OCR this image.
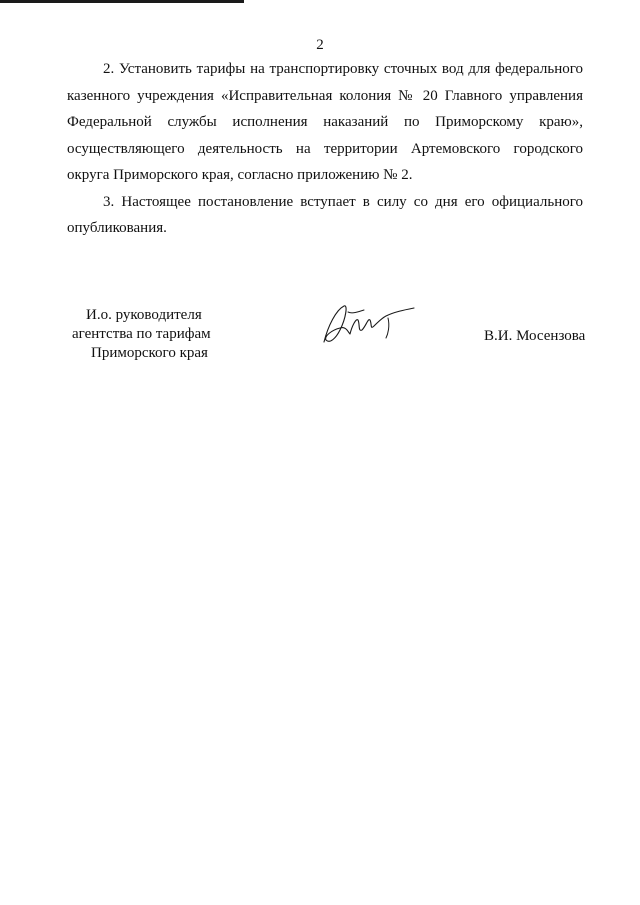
2

2. Установить тарифы на транспортировку сточных вод для федерального
казенного учреждения «Исправительная колония № 20 Главного управления
Федеральной службы исполнения наказаний по Приморскому краю»,
осуществляющего деятельность на территории Артемовского городского
округа Приморского края, согласно приложению № 2.

3. Настоящее постановление вступает в силу со дня его официального
опубликования.

И.о. руководителя
агентства по тарифам
Приморского края
В.И. Мосензова
